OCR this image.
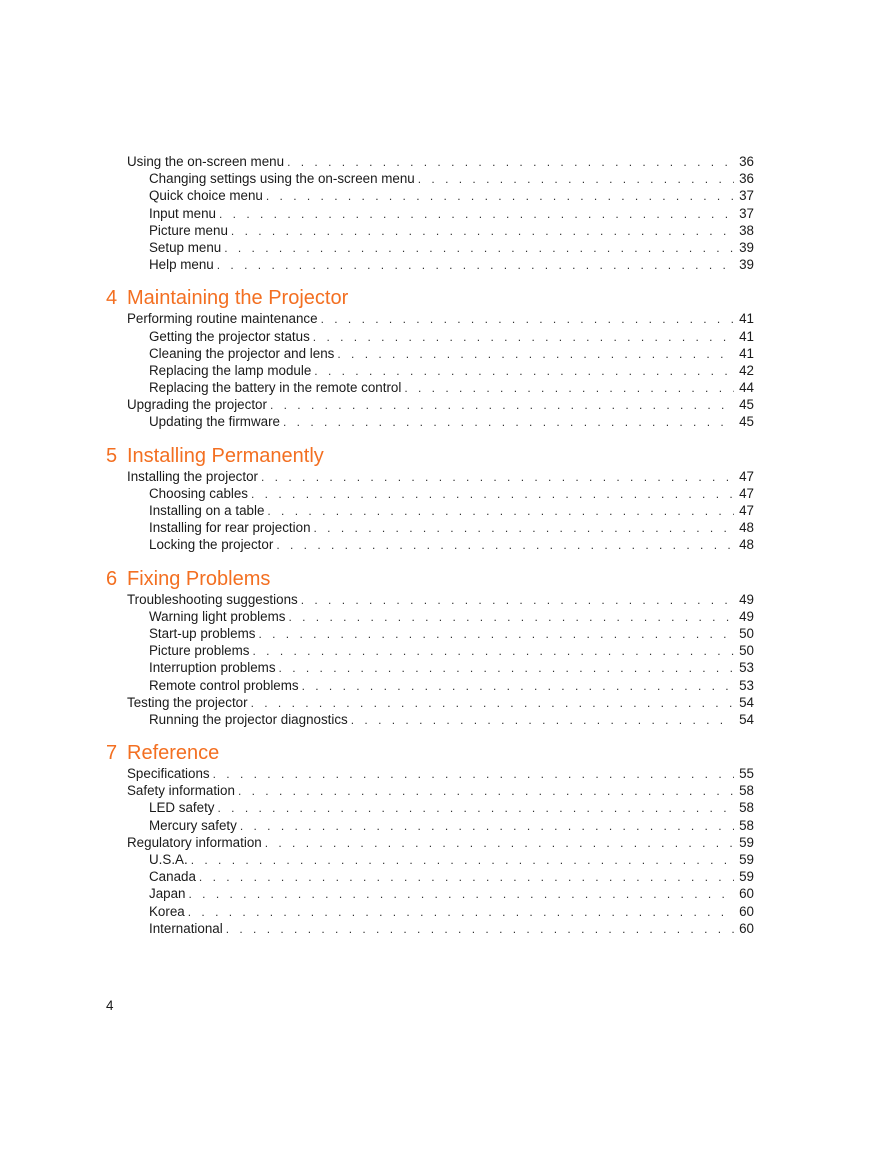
Using the on-screen menu . . .	36
Changing settings using the on-screen menu . . .	36
Quick choice menu . . .	37
Input menu . . .	37
Picture menu . . .	38
Setup menu . . .	39
Help menu . . .	39
4 Maintaining the Projector
Performing routine maintenance . . .	41
Getting the projector status . . .	41
Cleaning the projector and lens . . .	41
Replacing the lamp module . . .	42
Replacing the battery in the remote control . . .	44
Upgrading the projector . . .	45
Updating the firmware . . .	45
5 Installing Permanently
Installing the projector . . .	47
Choosing cables . . .	47
Installing on a table . . .	47
Installing for rear projection . . .	48
Locking the projector . . .	48
6 Fixing Problems
Troubleshooting suggestions . . .	49
Warning light problems . . .	49
Start-up problems . . .	50
Picture problems . . .	50
Interruption problems . . .	53
Remote control problems . . .	53
Testing the projector . . .	54
Running the projector diagnostics . . .	54
7 Reference
Specifications . . .	55
Safety information . . .	58
LED safety . . .	58
Mercury safety . . .	58
Regulatory information . . .	59
U.S.A. . . .	59
Canada . . .	59
Japan . . .	60
Korea . . .	60
International . . .	60
4
